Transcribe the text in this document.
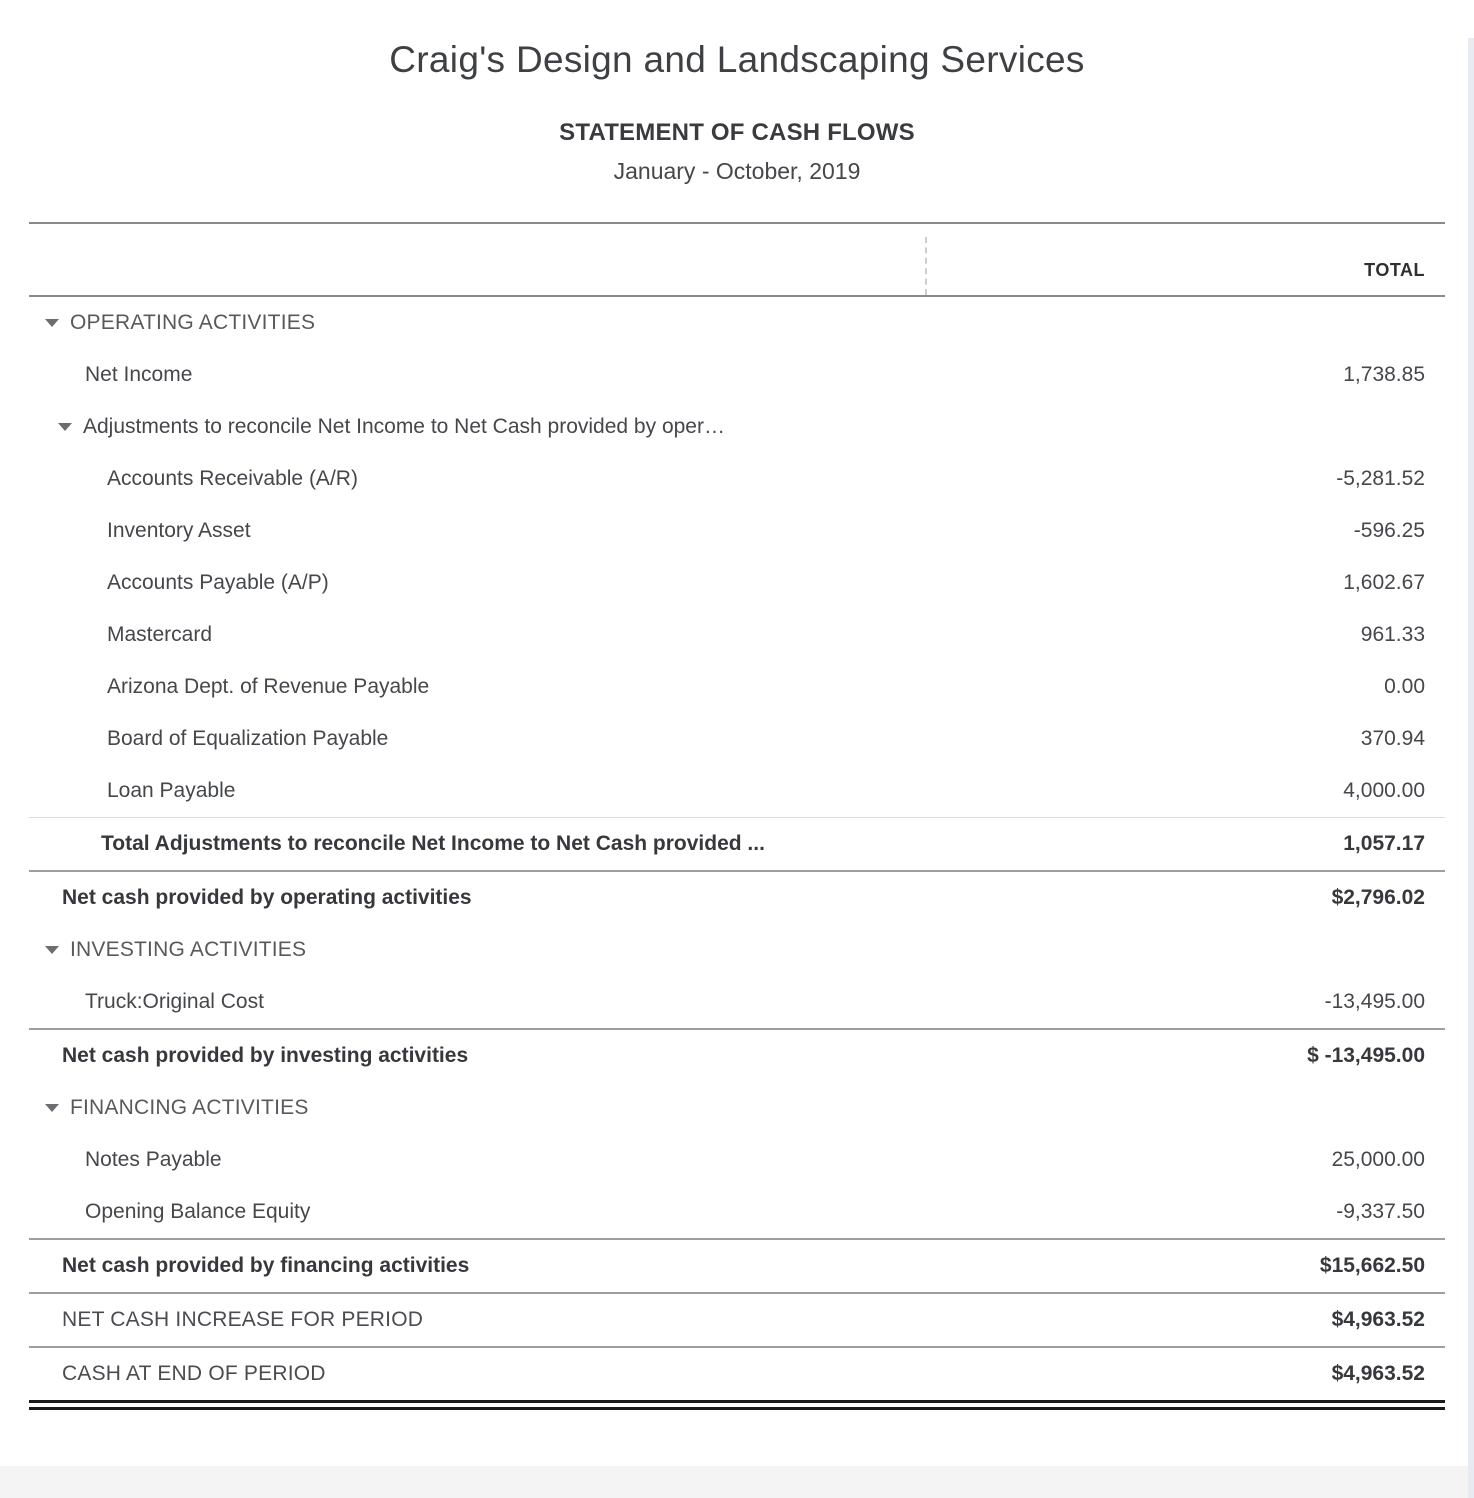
Craig's Design and Landscaping Services
STATEMENT OF CASH FLOWS
January - October, 2019
TOTAL
OPERATING ACTIVITIES
Net Income	1,738.85
Adjustments to reconcile Net Income to Net Cash provided by oper…
Accounts Receivable (A/R)	-5,281.52
Inventory Asset	-596.25
Accounts Payable (A/P)	1,602.67
Mastercard	961.33
Arizona Dept. of Revenue Payable	0.00
Board of Equalization Payable	370.94
Loan Payable	4,000.00
Total Adjustments to reconcile Net Income to Net Cash provided ...	1,057.17
Net cash provided by operating activities	$2,796.02
INVESTING ACTIVITIES
Truck:Original Cost	-13,495.00
Net cash provided by investing activities	$ -13,495.00
FINANCING ACTIVITIES
Notes Payable	25,000.00
Opening Balance Equity	-9,337.50
Net cash provided by financing activities	$15,662.50
NET CASH INCREASE FOR PERIOD	$4,963.52
CASH AT END OF PERIOD	$4,963.52
